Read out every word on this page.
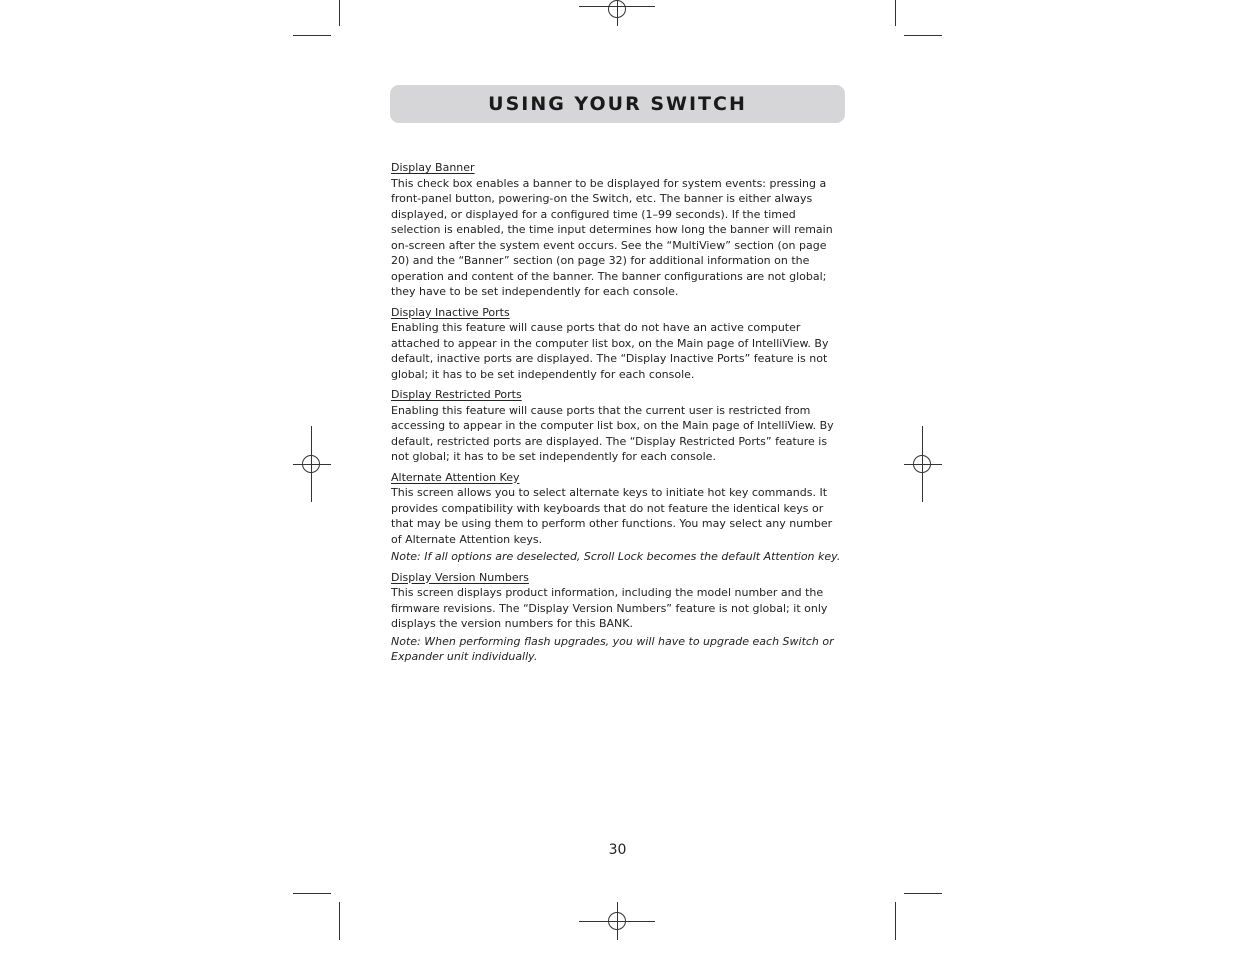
USING YOUR SWITCH

Display Banner

This check box enables a banner to be displayed for system events: pressing a front-panel button, powering-on the Switch, etc. The banner is either always displayed, or displayed for a configured time (1–99 seconds). If the timed selection is enabled, the time input determines how long the banner will remain on-screen after the system event occurs. See the “MultiView” section (on page 20) and the “Banner” section (on page 32) for additional information on the operation and content of the banner. The banner configurations are not global; they have to be set independently for each console.

Display Inactive Ports

Enabling this feature will cause ports that do not have an active computer attached to appear in the computer list box, on the Main page of IntelliView. By default, inactive ports are displayed. The “Display Inactive Ports” feature is not global; it has to be set independently for each console.

Display Restricted Ports

Enabling this feature will cause ports that the current user is restricted from accessing to appear in the computer list box, on the Main page of IntelliView. By default, restricted ports are displayed. The “Display Restricted Ports” feature is not global; it has to be set independently for each console.

Alternate Attention Key

This screen allows you to select alternate keys to initiate hot key commands. It provides compatibility with keyboards that do not feature the identical keys or that may be using them to perform other functions. You may select any number of Alternate Attention keys.

Note: If all options are deselected, Scroll Lock becomes the default Attention key.

Display Version Numbers

This screen displays product information, including the model number and the firmware revisions. The “Display Version Numbers” feature is not global; it only displays the version numbers for this BANK.

Note: When performing flash upgrades, you will have to upgrade each Switch or Expander unit individually.

30
